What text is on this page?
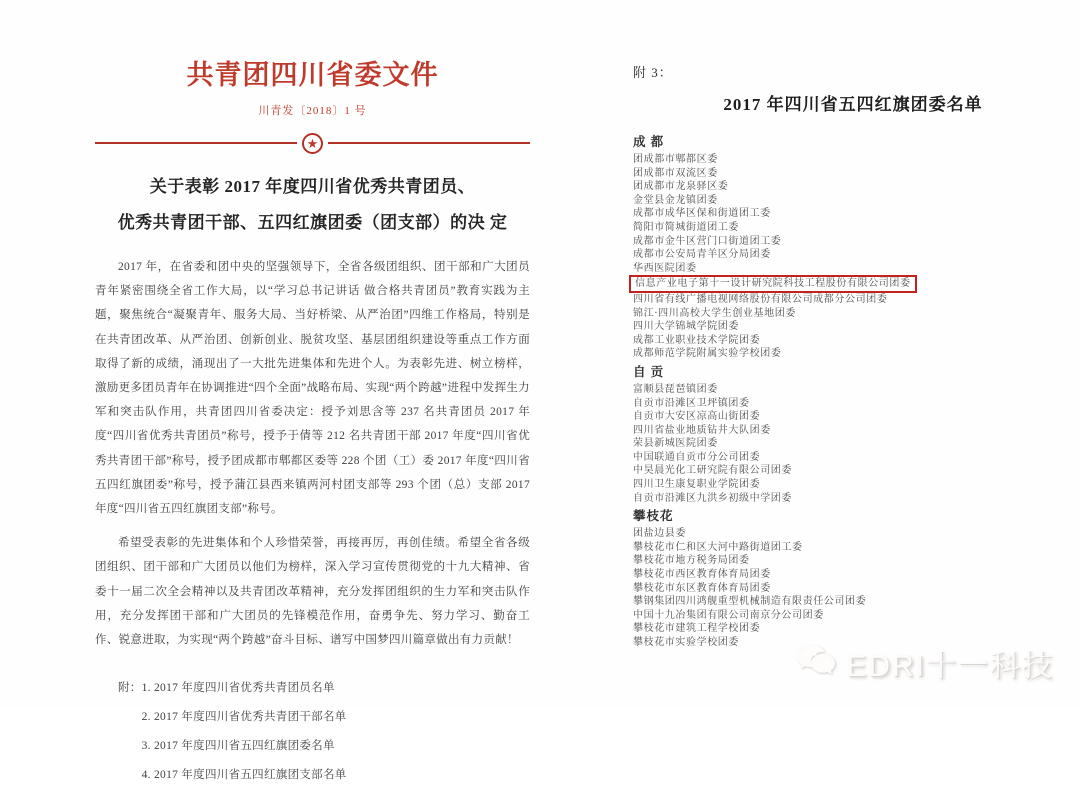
共青团四川省委文件
川青发〔2018〕1 号
★
关于表彰 2017 年度四川省优秀共青团员、
优秀共青团干部、五四红旗团委（团支部）的决 定
2017 年，在省委和团中央的坚强领导下，全省各级团组织、团干部和广大团员青年紧密围绕全省工作大局，以“学习总书记讲话 做合格共青团员”教育实践为主题，聚焦统合“凝聚青年、服务大局、当好桥梁、从严治团”四维工作格局，特别是在共青团改革、从严治团、创新创业、脱贫攻坚、基层团组织建设等重点工作方面取得了新的成绩，涌现出了一大批先进集体和先进个人。为表彰先进、树立榜样，激励更多团员青年在协调推进“四个全面”战略布局、实现“两个跨越”进程中发挥生力军和突击队作用，共青团四川省委决定：授予刘思含等 237 名共青团员 2017 年度“四川省优秀共青团员”称号，授予于倩等 212 名共青团干部 2017 年度“四川省优秀共青团干部”称号，授予团成都市郫都区委等 228 个团（工）委 2017 年度“四川省五四红旗团委”称号，授予蒲江县西来镇两河村团支部等 293 个团（总）支部 2017 年度“四川省五四红旗团支部”称号。
希望受表彰的先进集体和个人珍惜荣誉，再接再厉，再创佳绩。希望全省各级团组织、团干部和广大团员以他们为榜样，深入学习宣传贯彻党的十九大精神、省委十一届二次全会精神以及共青团改革精神，充分发挥团组织的生力军和突击队作用，充分发挥团干部和广大团员的先锋模范作用，奋勇争先、努力学习、勤奋工作、锐意进取，为实现“两个跨越”奋斗目标、谱写中国梦四川篇章做出有力贡献！
附： 1. 2017 年度四川省优秀共青团员名单
2. 2017 年度四川省优秀共青团干部名单
3. 2017 年度四川省五四红旗团委名单
4. 2017 年度四川省五四红旗团支部名单
附 3：
2017 年四川省五四红旗团委名单
成 都
团成都市郫都区委
团成都市双流区委
团成都市龙泉驿区委
金堂县金龙镇团委
成都市成华区保和街道团工委
简阳市简城街道团工委
成都市金牛区营门口街道团工委
成都市公安局青羊区分局团委
华西医院团委
信息产业电子第十一设计研究院科技工程股份有限公司团委
四川省有线广播电视网络股份有限公司成都分公司团委
锦江·四川高校大学生创业基地团委
四川大学锦城学院团委
成都工业职业技术学院团委
成都师范学院附属实验学校团委
自 贡
富顺县琵琶镇团委
自贡市沿滩区卫坪镇团委
自贡市大安区凉高山街团委
四川省盐业地质钻井大队团委
荣县新城医院团委
中国联通自贡市分公司团委
中昊晨光化工研究院有限公司团委
四川卫生康复职业学院团委
自贡市沿滩区九洪乡初级中学团委
攀枝花
团盐边县委
攀枝花市仁和区大河中路街道团工委
攀枝花市地方税务局团委
攀枝花市西区教育体育局团委
攀枝花市东区教育体育局团委
攀钢集团四川鸿舰重型机械制造有限责任公司团委
中国十九冶集团有限公司南京分公司团委
攀枝花市建筑工程学校团委
攀枝花市实验学校团委
EDRI十一科技
